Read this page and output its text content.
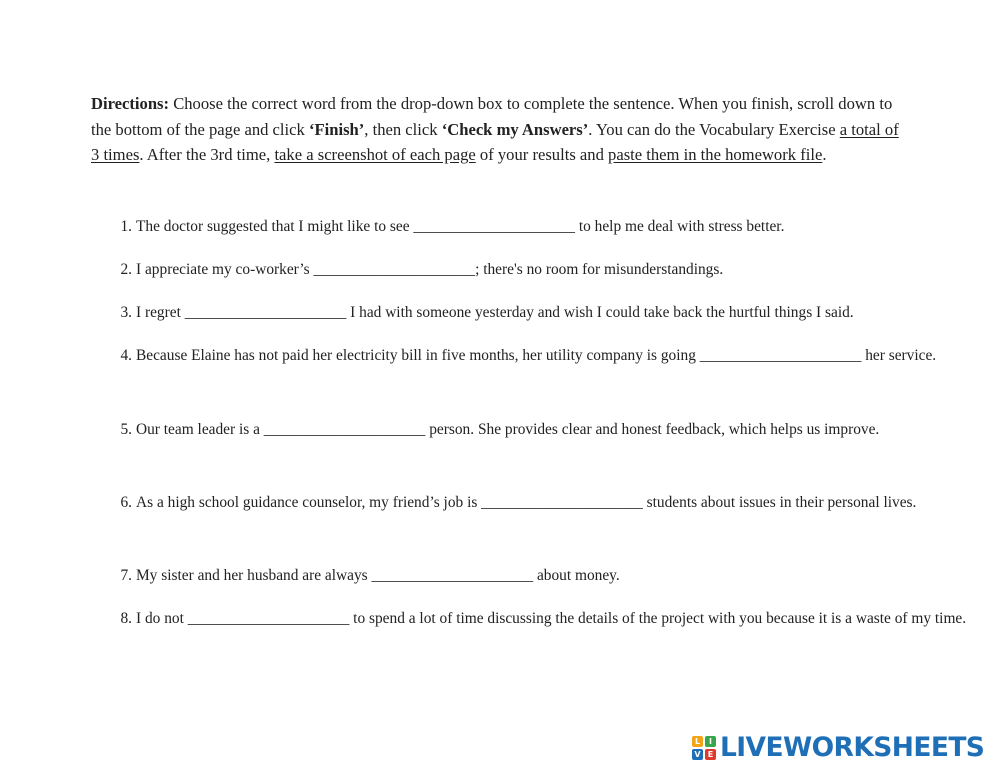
Directions: Choose the correct word from the drop-down box to complete the sentence. When you finish, scroll down to the bottom of the page and click ‘Finish’, then click ‘Check my Answers’. You can do the Vocabulary Exercise a total of 3 times. After the 3rd time, take a screenshot of each page of your results and paste them in the homework file.

1. The doctor suggested that I might like to see _____________________ to help me deal with stress better.
2. I appreciate my co-worker’s _____________________; there's no room for misunderstandings.
3. I regret _____________________ I had with someone yesterday and wish I could take back the hurtful things I said.
4. Because Elaine has not paid her electricity bill in five months, her utility company is going _____________________ her service.
5. Our team leader is a _____________________ person. She provides clear and honest feedback, which helps us improve.
6. As a high school guidance counselor, my friend’s job is _____________________ students about issues in their personal lives.
7. My sister and her husband are always _____________________ about money.
8. I do not _____________________ to spend a lot of time discussing the details of the project with you because it is a waste of my time.
L	I
V E LIVEWORKSHEETS
